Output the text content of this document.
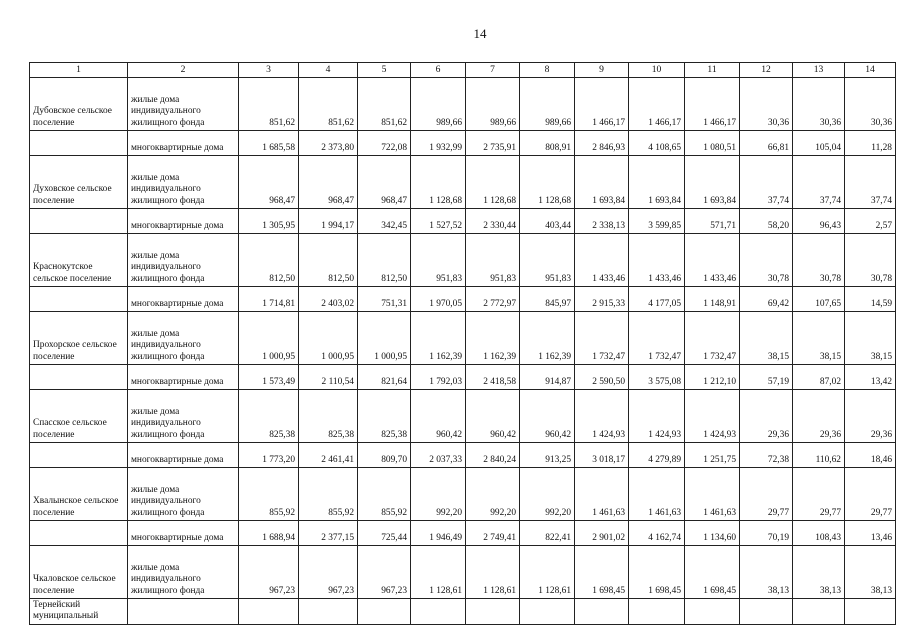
14
1	2	3	4	5	6	7	8	9	10	11	12	13	14
Дубовское сельское поселение	жилые дома индивидуального жилищного фонда	851,62	851,62	851,62	989,66	989,66	989,66	1 466,17	1 466,17	1 466,17	30,36	30,36	30,36
	многоквартирные дома	1 685,58	2 373,80	722,08	1 932,99	2 735,91	808,91	2 846,93	4 108,65	1 080,51	66,81	105,04	11,28
Духовское сельское поселение	жилые дома индивидуального жилищного фонда	968,47	968,47	968,47	1 128,68	1 128,68	1 128,68	1 693,84	1 693,84	1 693,84	37,74	37,74	37,74
	многоквартирные дома	1 305,95	1 994,17	342,45	1 527,52	2 330,44	403,44	2 338,13	3 599,85	571,71	58,20	96,43	2,57
Краснокутское сельское поселение	жилые дома индивидуального жилищного фонда	812,50	812,50	812,50	951,83	951,83	951,83	1 433,46	1 433,46	1 433,46	30,78	30,78	30,78
	многоквартирные дома	1 714,81	2 403,02	751,31	1 970,05	2 772,97	845,97	2 915,33	4 177,05	1 148,91	69,42	107,65	14,59
Прохорское сельское поселение	жилые дома индивидуального жилищного фонда	1 000,95	1 000,95	1 000,95	1 162,39	1 162,39	1 162,39	1 732,47	1 732,47	1 732,47	38,15	38,15	38,15
	многоквартирные дома	1 573,49	2 110,54	821,64	1 792,03	2 418,58	914,87	2 590,50	3 575,08	1 212,10	57,19	87,02	13,42
Спасское сельское поселение	жилые дома индивидуального жилищного фонда	825,38	825,38	825,38	960,42	960,42	960,42	1 424,93	1 424,93	1 424,93	29,36	29,36	29,36
	многоквартирные дома	1 773,20	2 461,41	809,70	2 037,33	2 840,24	913,25	3 018,17	4 279,89	1 251,75	72,38	110,62	18,46
Хвалынское сельское поселение	жилые дома индивидуального жилищного фонда	855,92	855,92	855,92	992,20	992,20	992,20	1 461,63	1 461,63	1 461,63	29,77	29,77	29,77
	многоквартирные дома	1 688,94	2 377,15	725,44	1 946,49	2 749,41	822,41	2 901,02	4 162,74	1 134,60	70,19	108,43	13,46
Чкаловское сельское поселение	жилые дома индивидуального жилищного фонда	967,23	967,23	967,23	1 128,61	1 128,61	1 128,61	1 698,45	1 698,45	1 698,45	38,13	38,13	38,13
Тернейский муниципальный													
